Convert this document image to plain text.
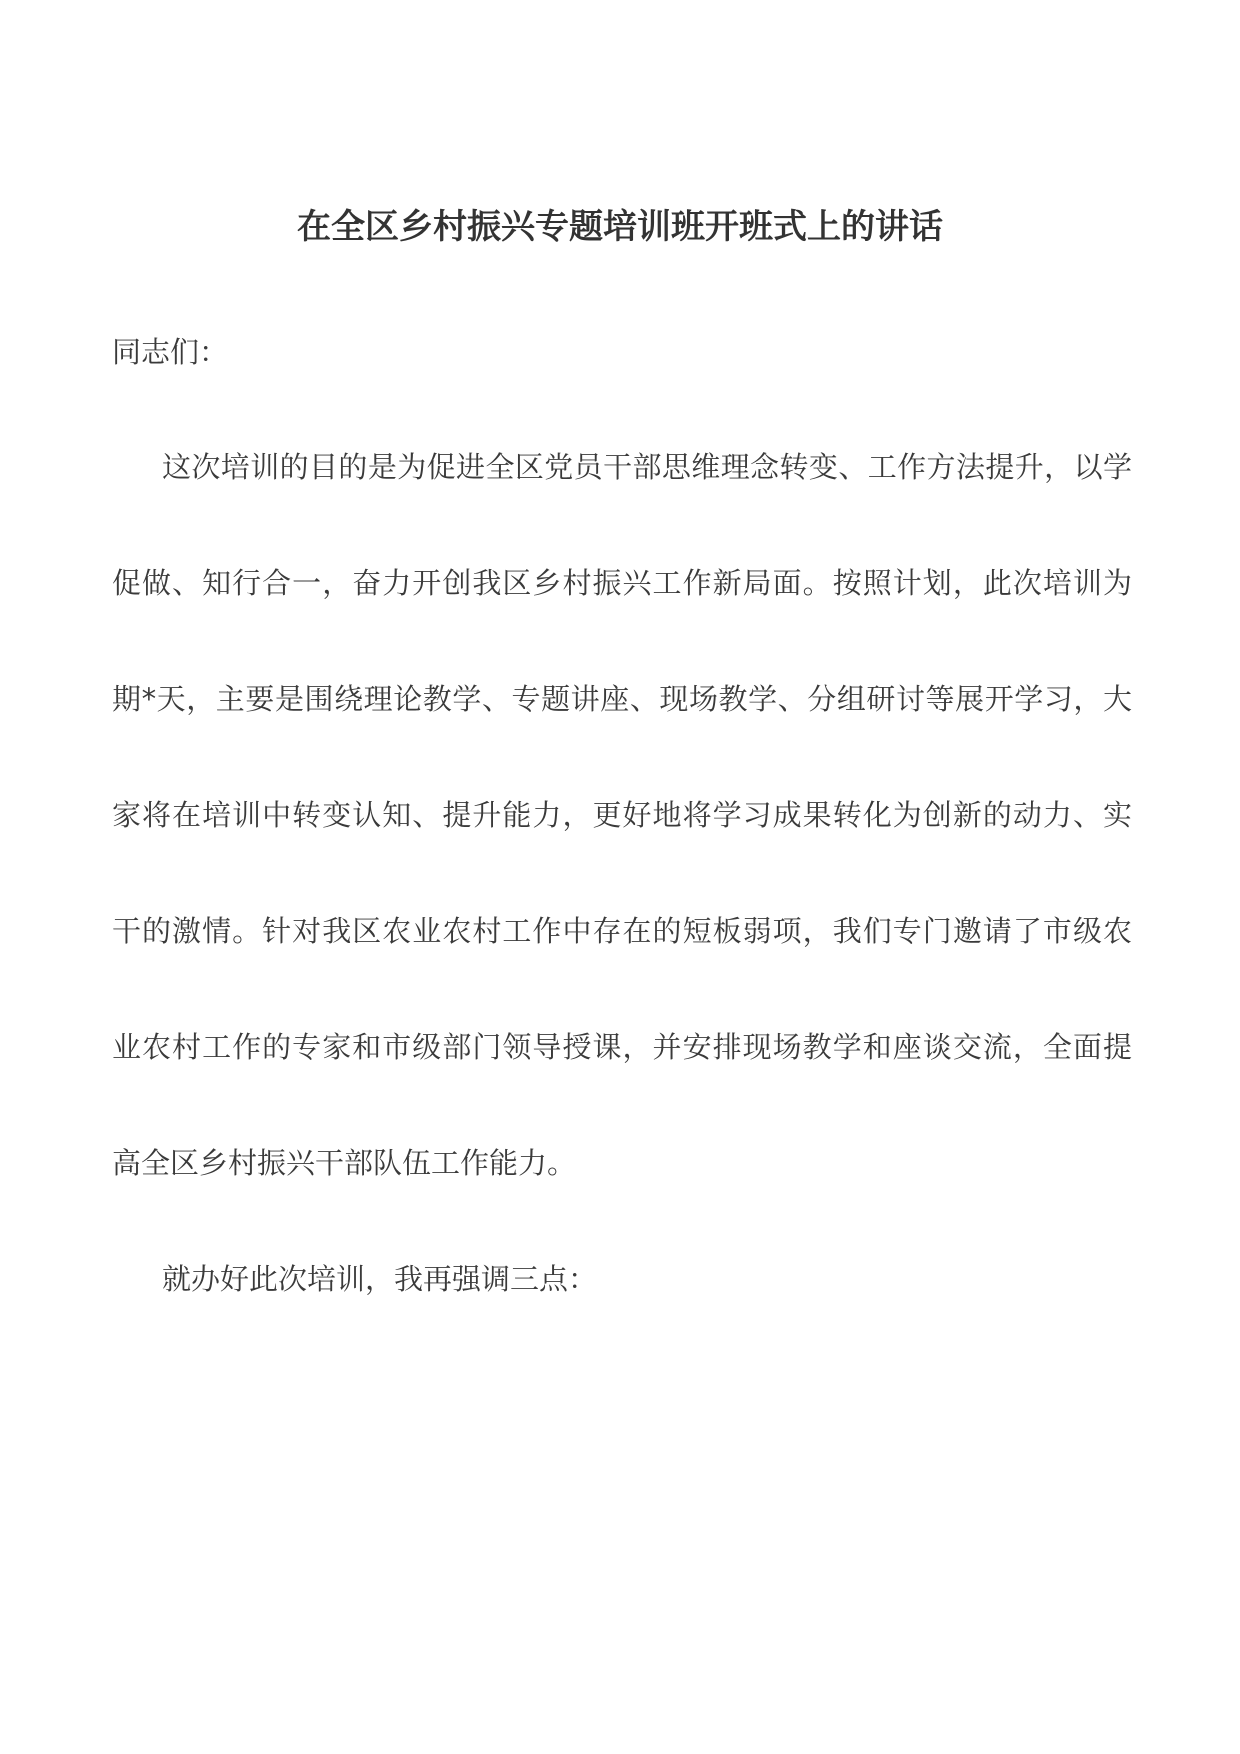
在全区乡村振兴专题培训班开班式上的讲话
同志们：
这次培训的目的是为促进全区党员干部思维理念转变、工作方法提升，以学
促做、知行合一，奋力开创我区乡村振兴工作新局面。按照计划，此次培训为
期*天，主要是围绕理论教学、专题讲座、现场教学、分组研讨等展开学习，大
家将在培训中转变认知、提升能力，更好地将学习成果转化为创新的动力、实
干的激情。针对我区农业农村工作中存在的短板弱项，我们专门邀请了市级农
业农村工作的专家和市级部门领导授课，并安排现场教学和座谈交流，全面提
高全区乡村振兴干部队伍工作能力。
就办好此次培训，我再强调三点：
